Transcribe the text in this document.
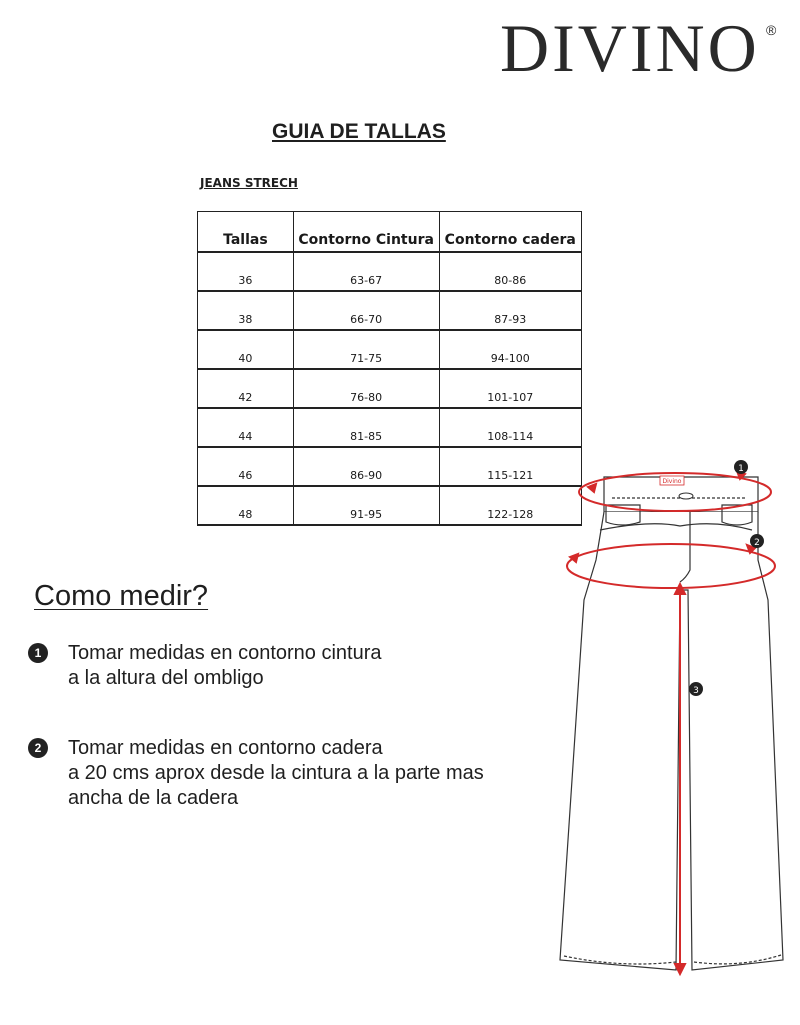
DIVINO ®
GUIA DE TALLAS
JEANS STRECH
Tallas	Contorno Cintura	Contorno cadera
36	63-67	80-86
38	66-70	87-93
40	71-75	94-100
42	76-80	101-107
44	81-85	108-114
46	86-90	115-121
48	91-95	122-128
Como medir?
1	Tomar medidas en contorno cintura
a la altura del ombligo
2	Tomar medidas en contorno cadera
a 20 cms aprox desde la cintura a la parte mas
ancha de la cadera
Divino
1
2
3
